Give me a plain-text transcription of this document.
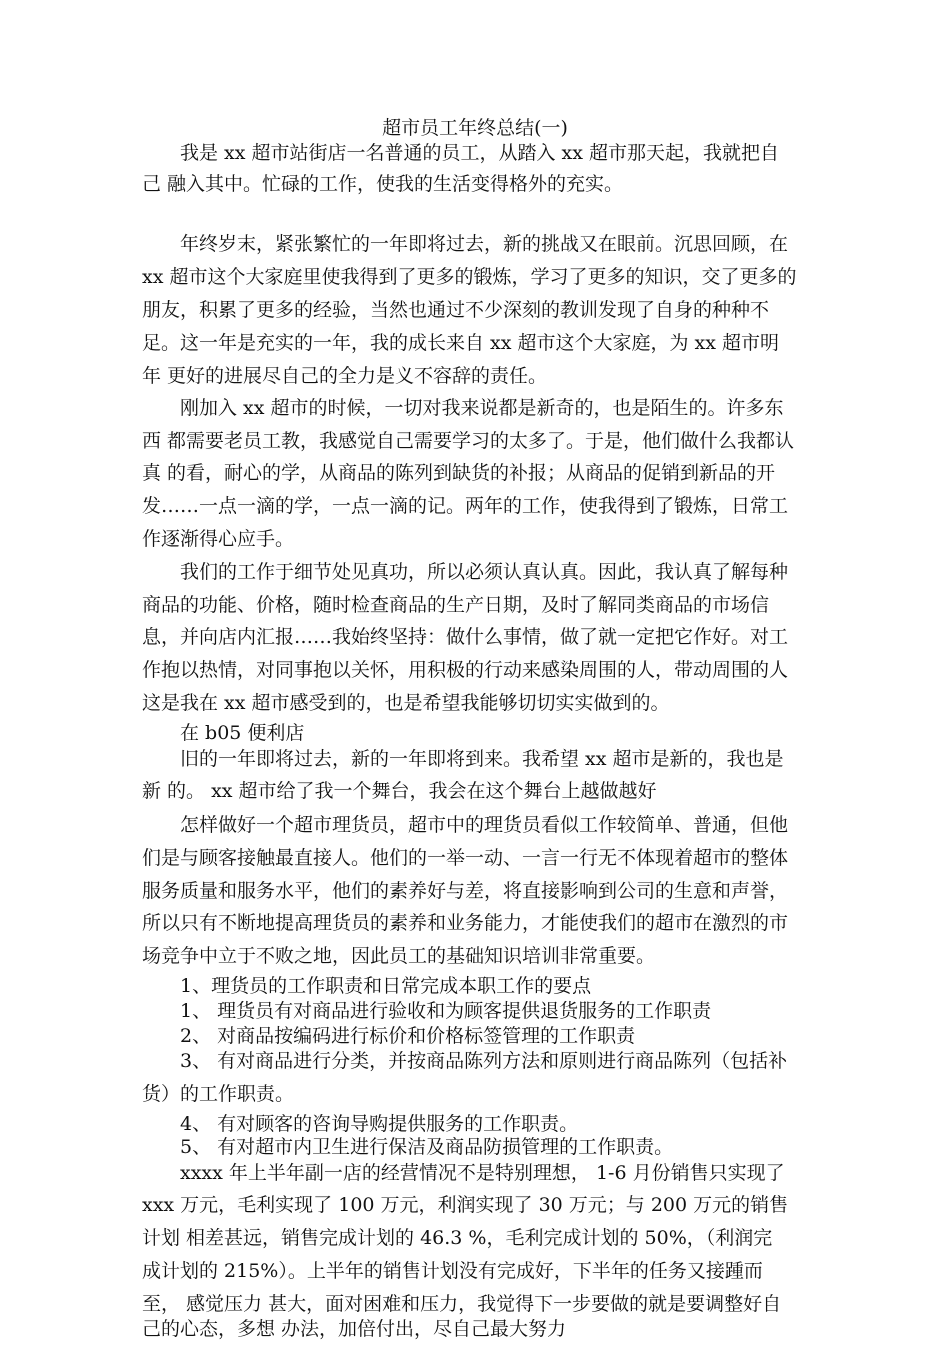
超市员工年终总结(一)
我是 xx 超市站街店一名普通的员工，从踏入 xx 超市那天起，我就把自
己 融入其中。忙碌的工作，使我的生活变得格外的充实。
年终岁末，紧张繁忙的一年即将过去，新的挑战又在眼前。沉思回顾，在
xx 超市这个大家庭里使我得到了更多的锻炼，学习了更多的知识，交了更多的
朋友，积累了更多的经验，当然也通过不少深刻的教训发现了自身的种种不
足。这一年是充实的一年，我的成长来自 xx 超市这个大家庭，为 xx 超市明
年 更好的进展尽自己的全力是义不容辞的责任。
刚加入 xx 超市的时候，一切对我来说都是新奇的，也是陌生的。许多东
西 都需要老员工教，我感觉自己需要学习的太多了。于是，他们做什么我都认
真 的看，耐心的学，从商品的陈列到缺货的补报；从商品的促销到新品的开
发……一点一滴的学，一点一滴的记。两年的工作，使我得到了锻炼，日常工
作逐渐得心应手。
我们的工作于细节处见真功，所以必须认真认真。因此，我认真了解每种
商品的功能、价格，随时检查商品的生产日期，及时了解同类商品的市场信
息，并向店内汇报……我始终坚持：做什么事情，做了就一定把它作好。对工
作抱以热情，对同事抱以关怀，用积极的行动来感染周围的人，带动周围的人
这是我在 xx 超市感受到的，也是希望我能够切切实实做到的。
在 b05 便利店
旧的一年即将过去，新的一年即将到来。我希望 xx 超市是新的，我也是
新 的。 xx 超市给了我一个舞台，我会在这个舞台上越做越好
怎样做好一个超市理货员，超市中的理货员看似工作较简单、普通，但他
们是与顾客接触最直接人。他们的一举一动、一言一行无不体现着超市的整体
服务质量和服务水平，他们的素养好与差，将直接影响到公司的生意和声誉，
所以只有不断地提高理货员的素养和业务能力，才能使我们的超市在激烈的市
场竞争中立于不败之地，因此员工的基础知识培训非常重要。
1、理货员的工作职责和日常完成本职工作的要点
1、 理货员有对商品进行验收和为顾客提供退货服务的工作职责
2、 对商品按编码进行标价和价格标签管理的工作职责
3、 有对商品进行分类，并按商品陈列方法和原则进行商品陈列（包括补
货）的工作职责。
4、 有对顾客的咨询导购提供服务的工作职责。
5、 有对超市内卫生进行保洁及商品防损管理的工作职责。
xxxx 年上半年副一店的经营情况不是特别理想， 1-6 月份销售只实现了
xxx 万元，毛利实现了 100 万元，利润实现了 30 万元；与 200 万元的销售
计划 相差甚远，销售完成计划的 46.3 %，毛利完成计划的 50%，（利润完
成计划的 215%）。上半年的销售计划没有完成好，下半年的任务又接踵而
至， 感觉压力 甚大，面对困难和压力，我觉得下一步要做的就是要调整好自
己的心态，多想 办法，加倍付出，尽自己最大努力
